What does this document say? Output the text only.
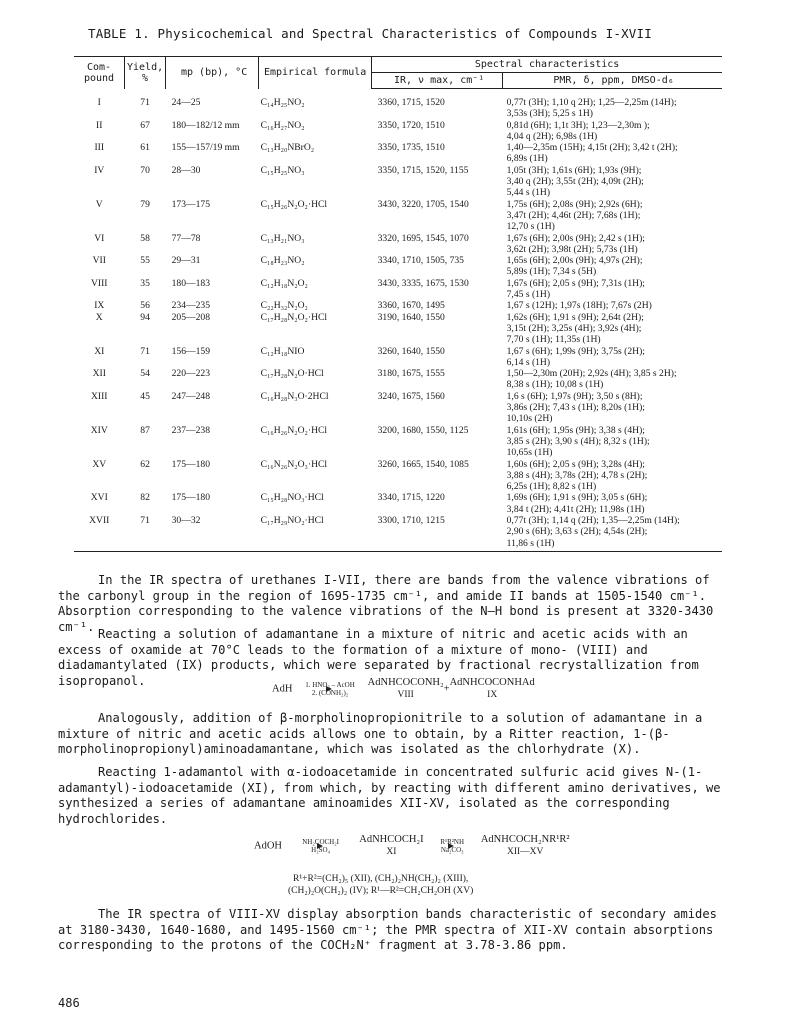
TABLE 1. Physicochemical and Spectral Characteristics of Compounds I-XVII
Com- pound	Yield, %	mp (bp), °C	Empirical formula	Spectral characteristics	
				IR, ν max, cm⁻¹	PMR, δ, ppm, DMSO-d₆
I	71	24—25	C₁₄H₂₅NO₂	3360, 1715, 1520	0,77t (3H); 1,10 q 2H); 1,25—2,25m (14H);
3,53s (3H); 5,25 s 1H)

II	67	180—182/12 mm	C₁₆H₂₇NO₂	3350, 1720, 1510	0,81d (6H); 1,1t 3H); 1,23—2,30m );
4,04 q (2H); 6,98s (1H)

III	61	155—157/19 mm	C₁₃H₂₀NBrO₂	3350, 1735, 1510	1,40—2,35m (15H); 4,15t (2H); 3,42 t (2H);
6,89s (1H)

IV	70	28—30	C₁₅H₂₅NO₃	3350, 1715, 1520, 1155	1,05t (3H); 1,61s (6H); 1,93s (9H);
3,40 q (2H); 3,55t (2H); 4,09t (2H);
5,44 s (1H)

V	79	173—175	C₁₅H₂₆N₂O₂·HCl	3430, 3220, 1705, 1540	1,75s (6H); 2,08s (9H); 2,92s (6H);
3,47t (2H); 4,46t (2H); 7,68s (1H);
12,70 s (1H)

VI	58	77—78	C₁₃H₂₁NO₃	3320, 1695, 1545, 1070	1,67s (6H); 2,00s (9H); 2,42 s (1H);
3,62t (2H); 3,98t (2H); 5,73s (1H)

VII	55	29—31	C₁₈H₂₃NO₂	3340, 1710, 1505, 735	1,65s (6H); 2,00s (9H); 4,97s (2H);
5,89s (1H); 7,34 s (5H)

VIII	35	180—183	C₁₂H₁₈N₂O₂	3430, 3335, 1675, 1530	1,67s (6H); 2,05 s (9H); 7,31s (1H);
7,45 s (1H)

IX	56	234—235	C₂₂H₃₂N₂O₂	3360, 1670, 1495	1,67 s (12H); 1,97s (18H); 7,67s (2H)

X	94	205—208	C₁₇H₂₈N₂O₂·HCl	3190, 1640, 1550	1,62s (6H); 1,91 s (9H); 2,64t (2H);
3,15t (2H); 3,25s (4H); 3,92s (4H);
7,70 s (1H); 11,35s (1H)

XI	71	156—159	C₁₂H₁₈NIO	3260, 1640, 1550	1,67 s (6H); 1,99s (9H); 3,75s (2H);
6,14 s (1H)

XII	54	220—223	C₁₇H₂₈N₂O·HCl	3180, 1675, 1555	1,50—2,30m (20H); 2,92s (4H); 3,85 s 2H);
8,38 s (1H); 10,08 s (1H)

XIII	45	247—248	C₁₆H₂₈N₃O·2HCl	3240, 1675, 1560	1,6 s (6H); 1,97s (9H); 3,50 s (8H);
3,86s (2H); 7,43 s (1H); 8,20s (1H);
10,10s (2H)

XIV	87	237—238	C₁₆H₂₆N₂O₂·HCl	3200, 1680, 1550, 1125	1,61s (6H); 1,95s (9H); 3,38 s (4H);
3,85 s (2H); 3,90 s (4H); 8,32 s (1H);
10,65s (1H)

XV	62	175—180	C₁₆N₂₆N₂O₃·HCl	3260, 1665, 1540, 1085	1,60s (6H); 2,05 s (9H); 3,28s (4H);
3,88 s (4H); 3,78s (2H); 4,78 s (2H);
6,25s (1H); 8,82 s (1H)

XVI	82	175—180	C₁₅H₂₈NO₃·HCl	3340, 1715, 1220	1,69s (6H); 1,91 s (9H); 3,05 s (6H);
3,84 t (2H); 4,41t (2H); 11,98s (1H)

XVII	71	30—32	C₁₇H₂₉NO₂·HCl	3300, 1710, 1215	0,77t (3H); 1,14 q (2H); 1,35—2,25m (14H);
2,90 s (6H); 3,63 s (2H); 4,54s (2H);
11,86 s (1H)
In the IR spectra of urethanes I-VII, there are bands from the valence vibrations of the carbonyl group in the region of 1695-1735 cm⁻¹, and amide II bands at 1505-1540 cm⁻¹. Absorption corresponding to the valence vibrations of the N—H bond is present at 3320-3430 cm⁻¹.
Reacting a solution of adamantane in a mixture of nitric and acetic acids with an excess of oxamide at 70°C leads to the formation of a mixture of mono- (VIII) and diadamantylated (IX) products, which were separated by fractional recrystallization from isopropanol.
AdH	1. HNO₃ – AcOH
2. (CONH₂)₂
AdNHCOCONH₂
VIII+AdNHCOCONHAd
IX
Analogously, addition of β-morpholinopropionitrile to a solution of adamantane in a mixture of nitric and acetic acids allows one to obtain, by a Ritter reaction, 1-(β-morpholinopropionyl)aminoadamantane, which was isolated as the chlorhydrate (X).
Reacting 1-adamantol with α-iodoacetamide in concentrated sulfuric acid gives N-(1-adamantyl)-iodoacetamide (XI), from which, by reacting with different amino derivatives, we synthesized a series of adamantane aminoamides XII-XV, isolated as the corresponding hydrochlorides.
AdOH	NH₂COCH₂I
H₂SO₄
AdNHCOCH₂I
XI
R¹R²NH
Na₂CO₃
AdNHCOCH₂NR¹R²
XII—XV
R¹+R²=(CH₂)₅ (XII), (CH₂)₂NH(CH₂)₂ (XIII),
(CH₂)₂O(CH₂)₂ (IV); R¹—R²=CH₂CH₂OH (XV)
The IR spectra of VIII-XV display absorption bands characteristic of secondary amides at 3180-3430, 1640-1680, and 1495-1560 cm⁻¹; the PMR spectra of XII-XV contain absorptions corresponding to the protons of the COCH₂N⁺ fragment at 3.78-3.86 ppm.
486
